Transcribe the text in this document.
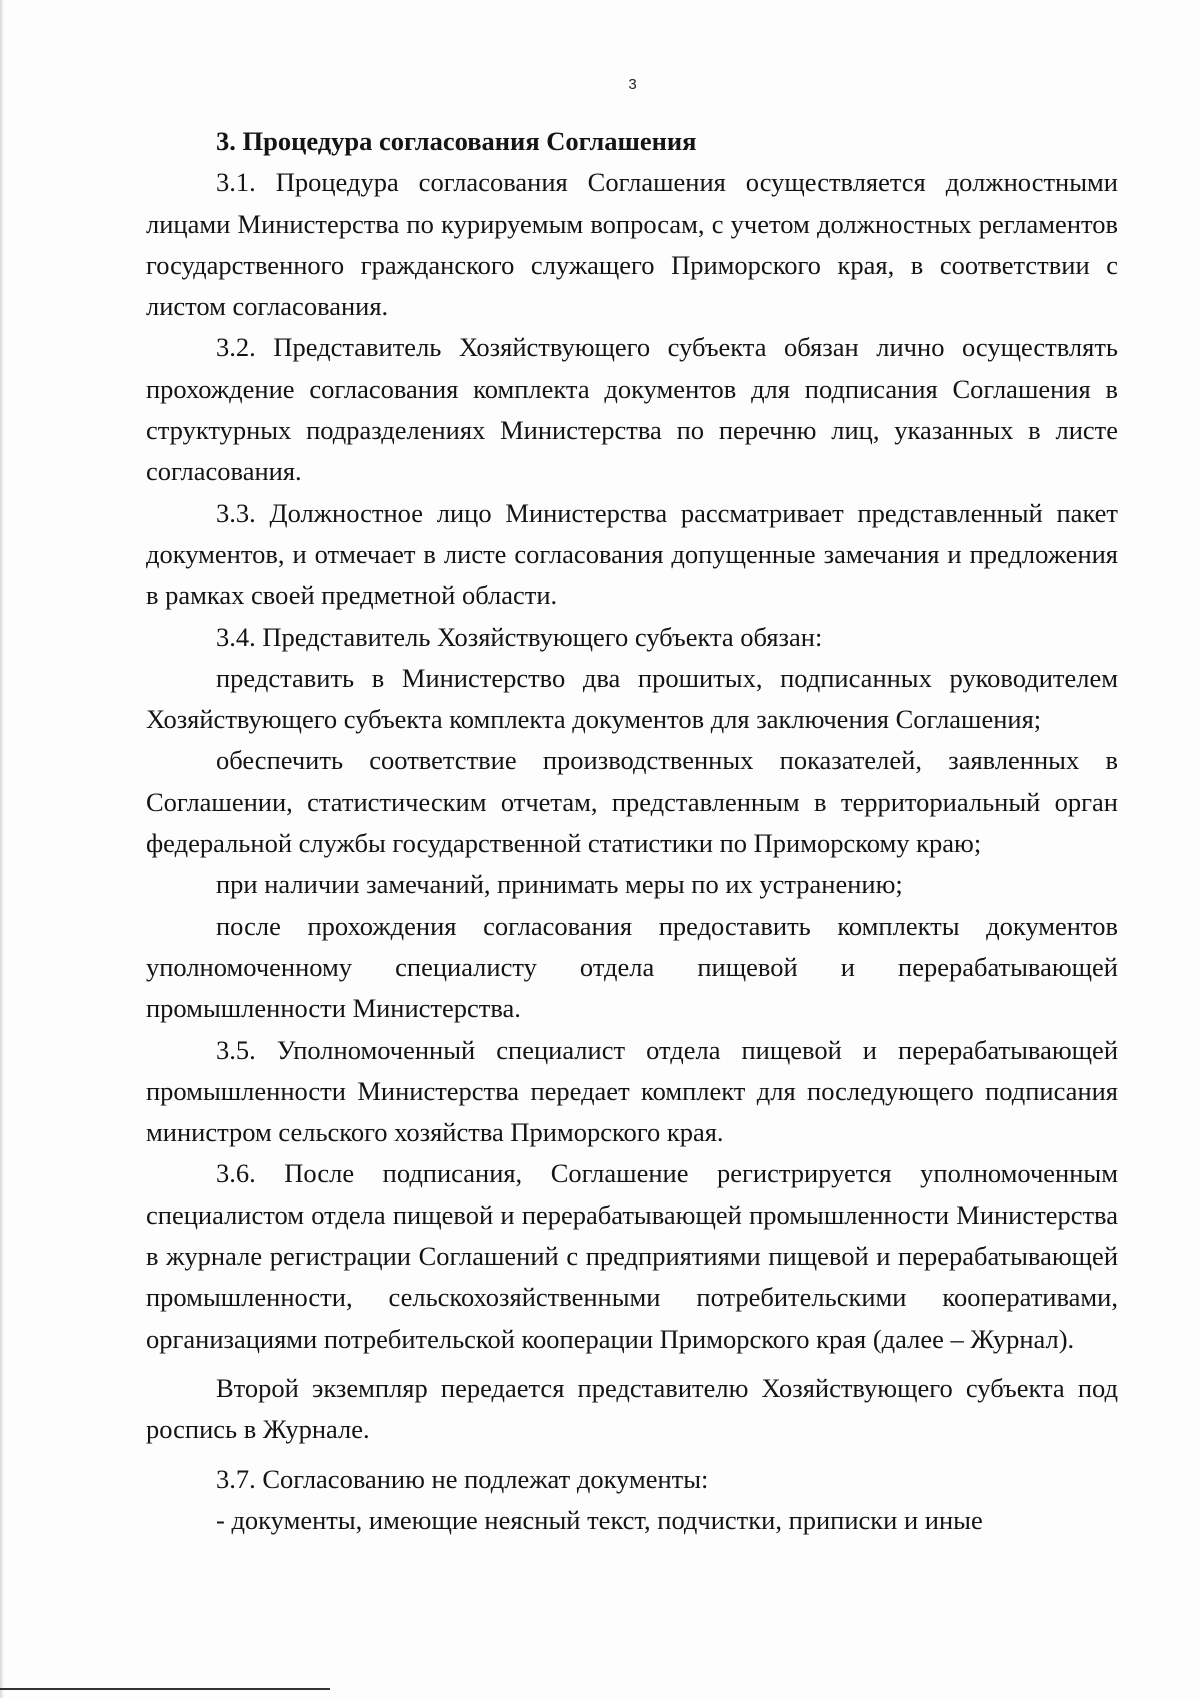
3

3. Процедура согласования Соглашения

3.1. Процедура согласования Соглашения осуществляется должностными лицами Министерства по курируемым вопросам, с учетом должностных регламентов государственного гражданского служащего Приморского края, в соответствии с листом согласования.

3.2. Представитель Хозяйствующего субъекта обязан лично осуществлять прохождение согласования комплекта документов для подписания Соглашения в структурных подразделениях Министерства по перечню лиц, указанных в листе согласования.

3.3. Должностное лицо Министерства рассматривает представленный пакет документов, и отмечает в листе согласования допущенные замечания и предложения в рамках своей предметной области.

3.4. Представитель Хозяйствующего субъекта обязан:

представить в Министерство два прошитых, подписанных руководителем Хозяйствующего субъекта комплекта документов для заключения Соглашения;

обеспечить соответствие производственных показателей, заявленных в Соглашении, статистическим отчетам, представленным в территориальный орган федеральной службы государственной статистики по Приморскому краю;

при наличии замечаний, принимать меры по их устранению;

после прохождения согласования предоставить комплекты документов уполномоченному специалисту отдела пищевой и перерабатывающей промышленности Министерства.

3.5. Уполномоченный специалист отдела пищевой и перерабатывающей промышленности Министерства передает комплект для последующего подписания министром сельского хозяйства Приморского края.

3.6. После подписания, Соглашение регистрируется уполномоченным специалистом отдела пищевой и перерабатывающей промышленности Министерства в журнале регистрации Соглашений с предприятиями пищевой и перерабатывающей промышленности, сельскохозяйственными потребительскими кооперативами, организациями потребительской кооперации Приморского края (далее – Журнал).

Второй экземпляр передается представителю Хозяйствующего субъекта под роспись в Журнале.

3.7. Согласованию не подлежат документы:

- документы, имеющие неясный текст, подчистки, приписки и иные
